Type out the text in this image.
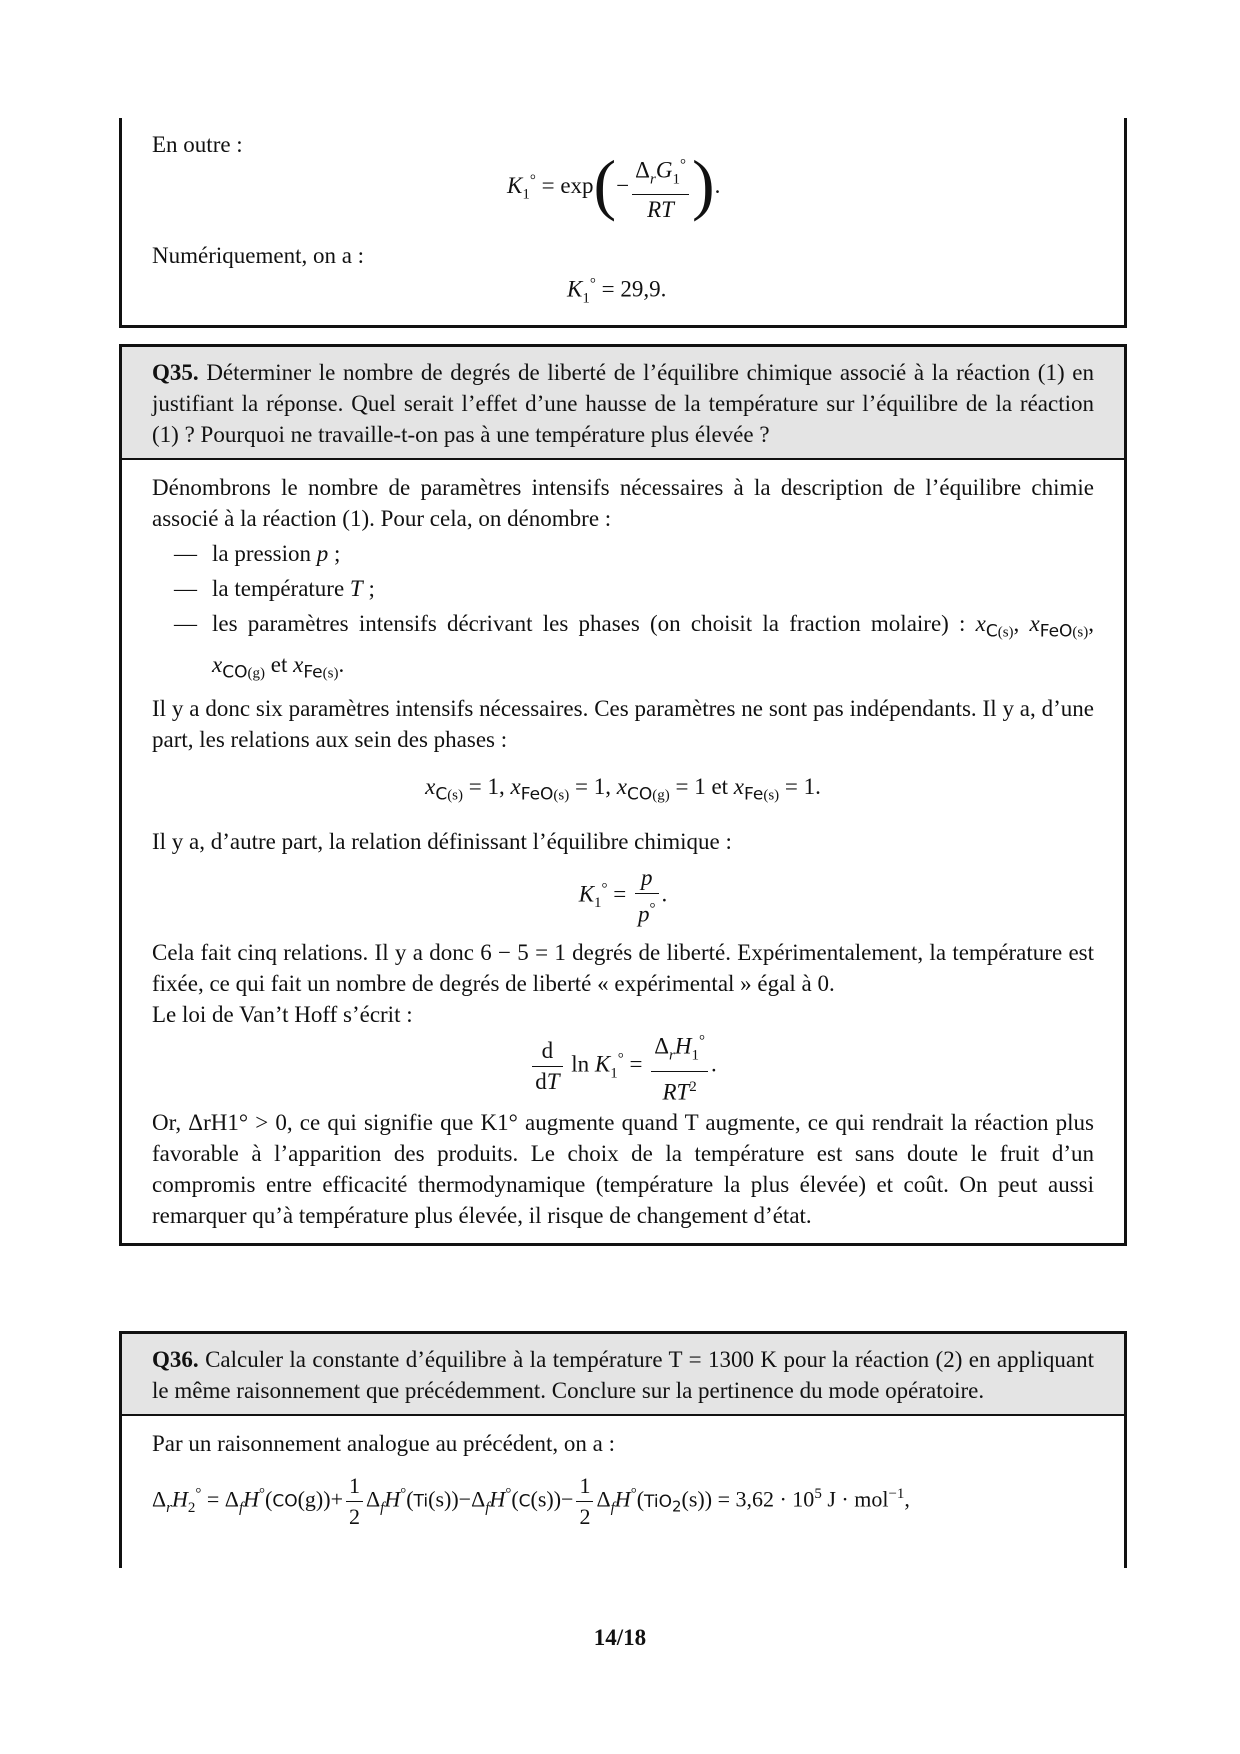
En outre :
$K_1^\circ = \exp(- \frac{\Delta_rG_1^\circ}{RT}$ ).
Numériquement, on a :
$K_1^\circ = 29,9$.
Q35. Déterminer le nombre de degrés de liberté de l’équilibre chimique associé à la réaction (1) en justifiant la réponse. Quel serait l’effet d’une hausse de la température sur l’équilibre de la réaction (1) ? Pourquoi ne travaille-t-on pas à une température plus élevée ?

Dénombrons le nombre de paramètres intensifs nécessaires à la description de l’équilibre chimie associé à la réaction (1). Pour cela, on dénombre :

— la pression p ;
— la température T ;
— les paramètres intensifs décrivant les phases (on choisit la fraction molaire) : $x_{C(s)}$, $x_{FeO(s)}$, $x_{CO(g)}$ et $x_{Fe(s)}$.

Il y a donc six paramètres intensifs nécessaires. Ces paramètres ne sont pas indépendants. Il y a, d’une part, les relations aux sein des phases :

$x_{C(s)} = 1$, $x_{FeO(s)} = 1$, $x_{CO(g)} = 1$ et $x_{Fe(s)} = 1$.

Il y a, d’autre part, la relation définissant l’équilibre chimique :

$K_1^\circ = \frac{p}{p^\circ}$ .

Cela fait cinq relations. Il y a donc 6 − 5 = 1 degrés de liberté. Expérimentalement, la température est fixée, ce qui fait un nombre de degrés de liberté « expérimental » égal à 0.

Le loi de Van’t Hoff s’écrit :

$\frac{d}{dT}$ $\ln K_1^\circ = \frac{\Delta_rH_1^\circ}{RT^2}$ .

Or, ΔrH1° > 0, ce qui signifie que K1° augmente quand T augmente, ce qui rendrait la réaction plus favorable à l’apparition des produits. Le choix de la température est sans doute le fruit d’un compromis entre efficacité thermodynamique (température la plus élevée) et coût. On peut aussi remarquer qu’à température plus élevée, il risque de changement d’état.

Q36. Calculer la constante d’équilibre à la température T = 1300 K pour la réaction (2) en appliquant le même raisonnement que précédemment. Conclure sur la pertinence du mode opératoire.

Par un raisonnement analogue au précédent, on a :

$\Delta_rH_2^\circ = \Delta_fH^\circ(CO(g))+ \frac{1}{2} \Delta_fH^\circ(Ti(s))-\Delta_fH^\circ(C(s))- \frac{1}{2} \Delta_fH^\circ(TiO_2(s)) = 3,62 \cdot 10^5$ J · mol$^{-1}$,
14/18
